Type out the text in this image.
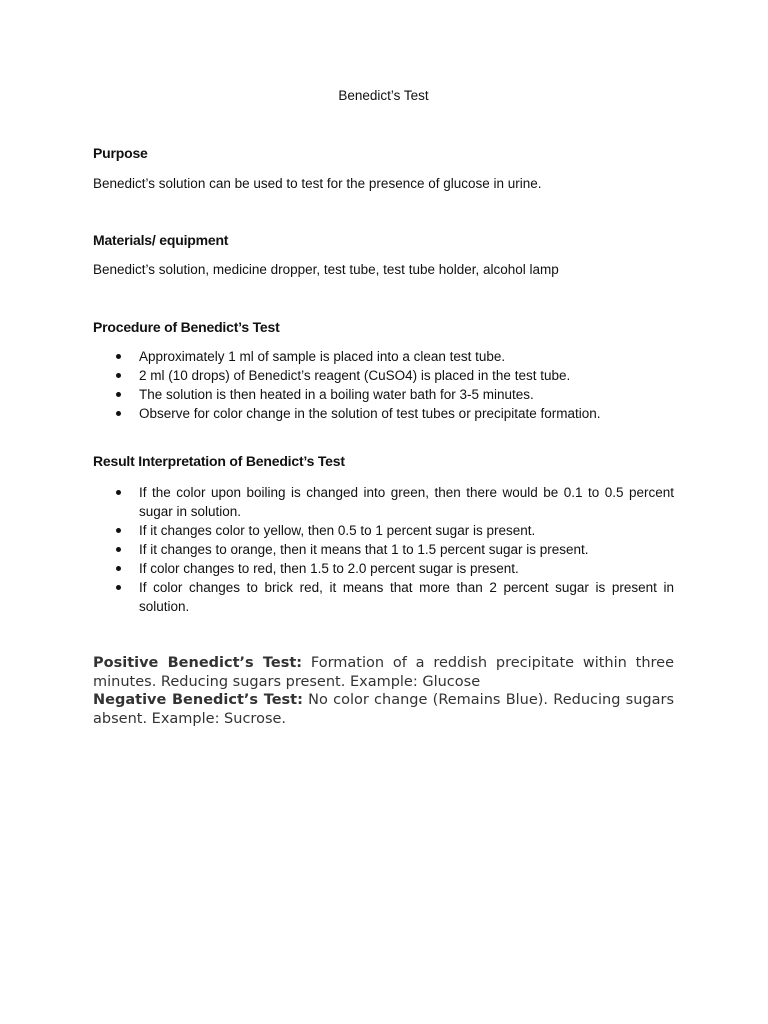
Benedict’s Test
Purpose
Benedict’s solution can be used to test for the presence of glucose in urine.
Materials/ equipment
Benedict’s solution, medicine dropper, test tube, test tube holder, alcohol lamp
Procedure of Benedict’s Test
Approximately 1 ml of sample is placed into a clean test tube.
2 ml (10 drops) of Benedict’s reagent (CuSO4) is placed in the test tube.
The solution is then heated in a boiling water bath for 3-5 minutes.
Observe for color change in the solution of test tubes or precipitate formation.
Result Interpretation of Benedict’s Test
If the color upon boiling is changed into green, then there would be 0.1 to 0.5 percent sugar in solution.
If it changes color to yellow, then 0.5 to 1 percent sugar is present.
If it changes to orange, then it means that 1 to 1.5 percent sugar is present.
If color changes to red, then 1.5 to 2.0 percent sugar is present.
If color changes to brick red, it means that more than 2 percent sugar is present in solution.
Positive Benedict’s Test: Formation of a reddish precipitate within three minutes. Reducing sugars present. Example: Glucose
Negative Benedict’s Test: No color change (Remains Blue). Reducing sugars absent. Example: Sucrose.
